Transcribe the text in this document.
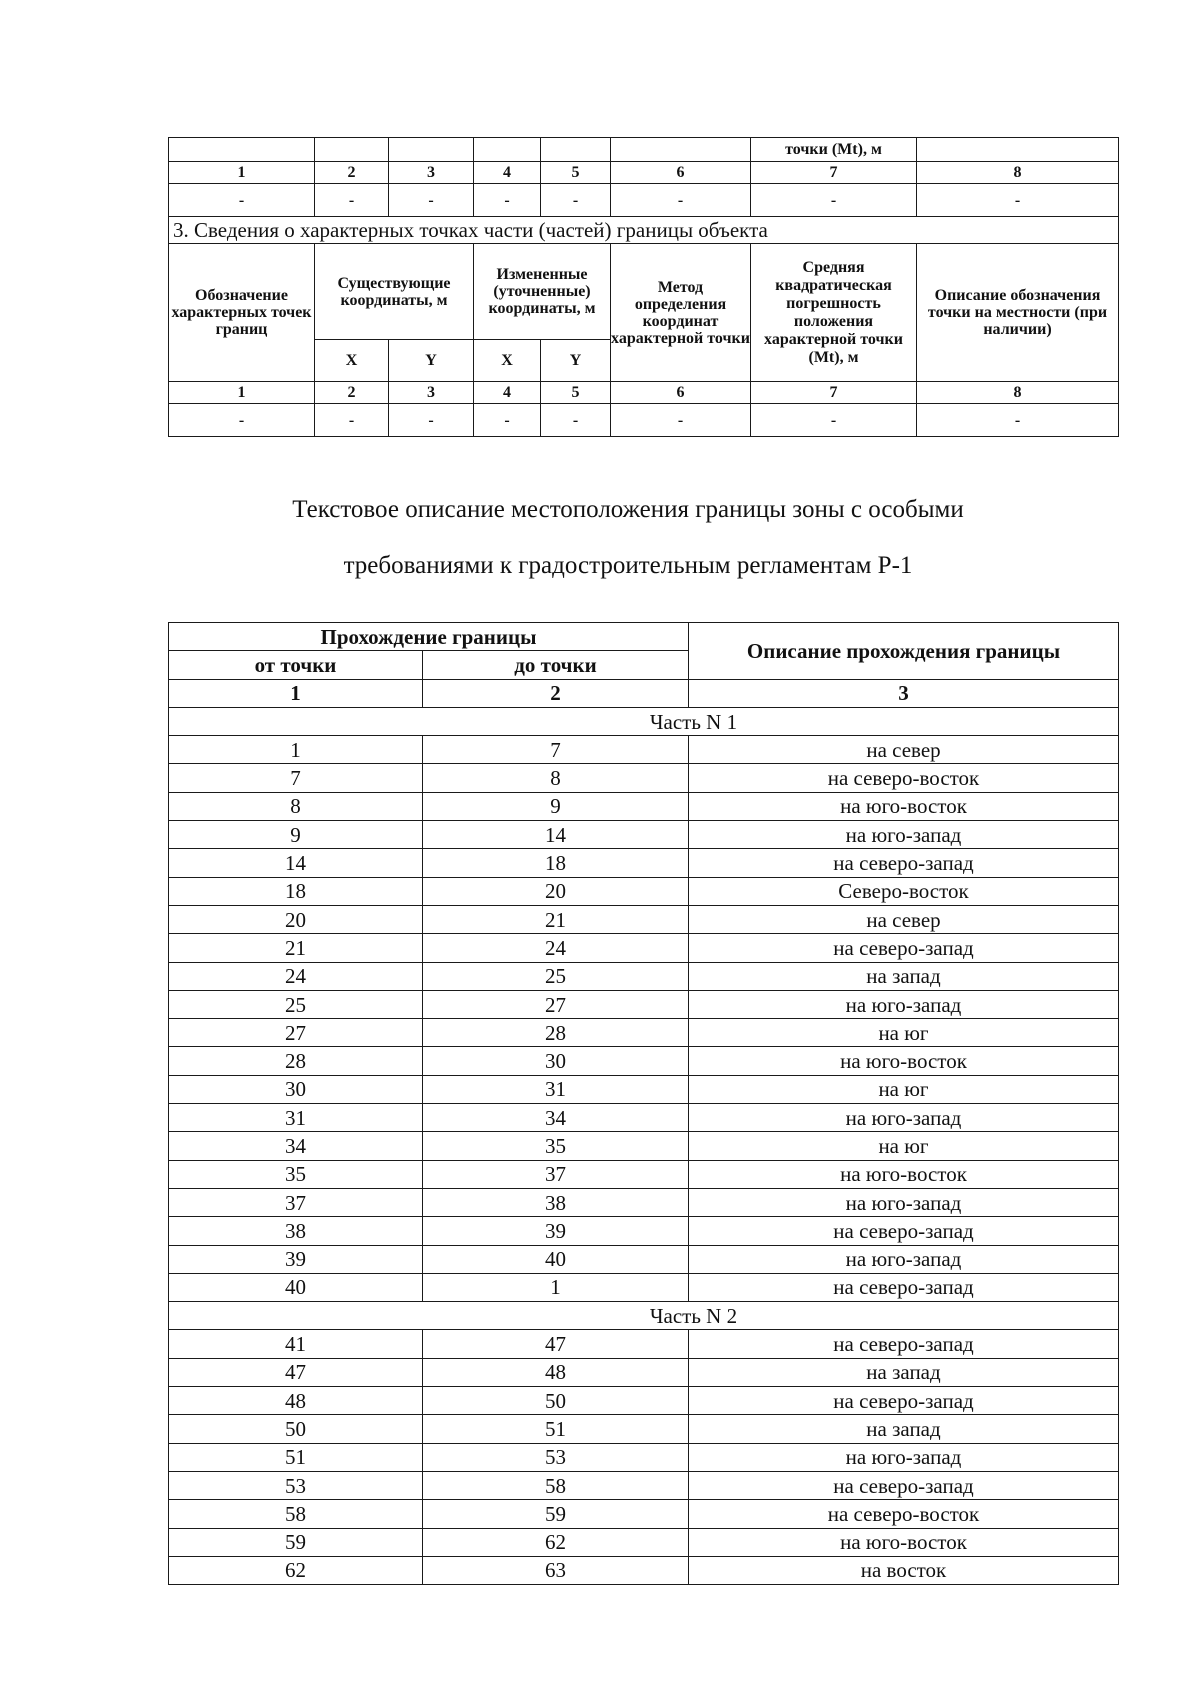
						точки (Mt), м	
1	2	3	4	5	6	7	8
-	-	-	-	-	-	-	-
3. Сведения о характерных точках части (частей) границы объекта							
Обозначение характерных точек границ	Существующие координаты, м		Измененные (уточненные) координаты, м		Метод определения координат характерной точки	Средняя квадратическая погрешность положения характерной точки (Mt), м	Описание обозначения точки на местности (при наличии)
	X	Y	X	Y			
1	2	3	4	5	6	7	8
-	-	-	-	-	-	-	-
Текстовое описание местоположения границы зоны с особыми
требованиями к градостроительным регламентам Р-1
Прохождение границы		Описание прохождения границы
от точки	до точки	
1	2	3
Часть N 1		
1	7	на север
7	8	на северо-восток
8	9	на юго-восток
9	14	на юго-запад
14	18	на северо-запад
18	20	Северо-восток
20	21	на север
21	24	на северо-запад
24	25	на запад
25	27	на юго-запад
27	28	на юг
28	30	на юго-восток
30	31	на юг
31	34	на юго-запад
34	35	на юг
35	37	на юго-восток
37	38	на юго-запад
38	39	на северо-запад
39	40	на юго-запад
40	1	на северо-запад
Часть N 2		
41	47	на северо-запад
47	48	на запад
48	50	на северо-запад
50	51	на запад
51	53	на юго-запад
53	58	на северо-запад
58	59	на северо-восток
59	62	на юго-восток
62	63	на восток
